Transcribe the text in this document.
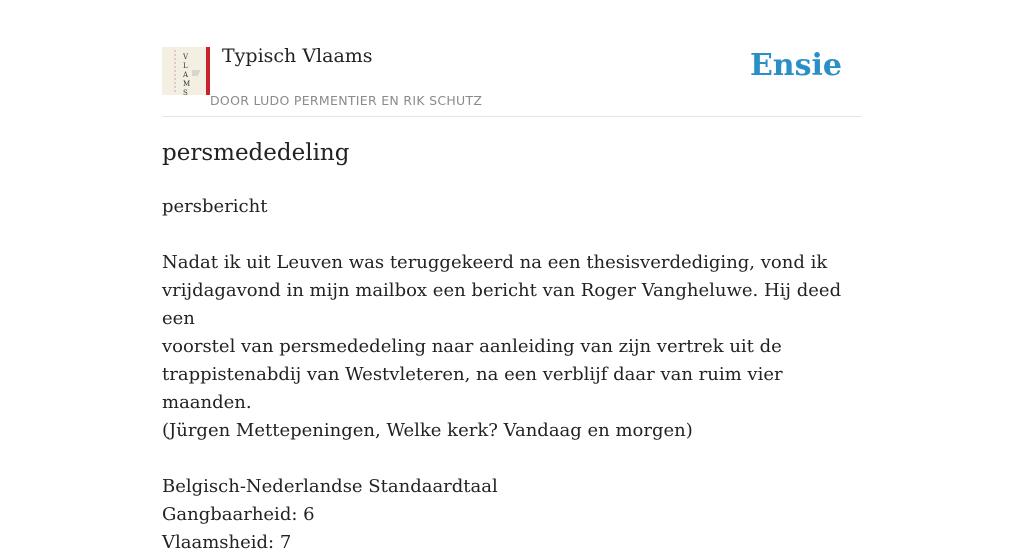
V
L
A
M
S
Typisch Vlaams
DOOR LUDO PERMENTIER EN RIK SCHUTZ
Ensie
persmededeling

persbericht

Nadat ik uit Leuven was teruggekeerd na een thesisverdediging, vond ik

vrijdagavond in mijn mailbox een bericht van Roger Vangheluwe. Hij deed een

voorstel van persmededeling naar aanleiding van zijn vertrek uit de

trappistenabdij van Westvleteren, na een verblijf daar van ruim vier maanden.

(Jürgen Mettepeningen, Welke kerk? Vandaag en morgen)

Belgisch-Nederlandse Standaardtaal

Gangbaarheid: 6

Vlaamsheid: 7
